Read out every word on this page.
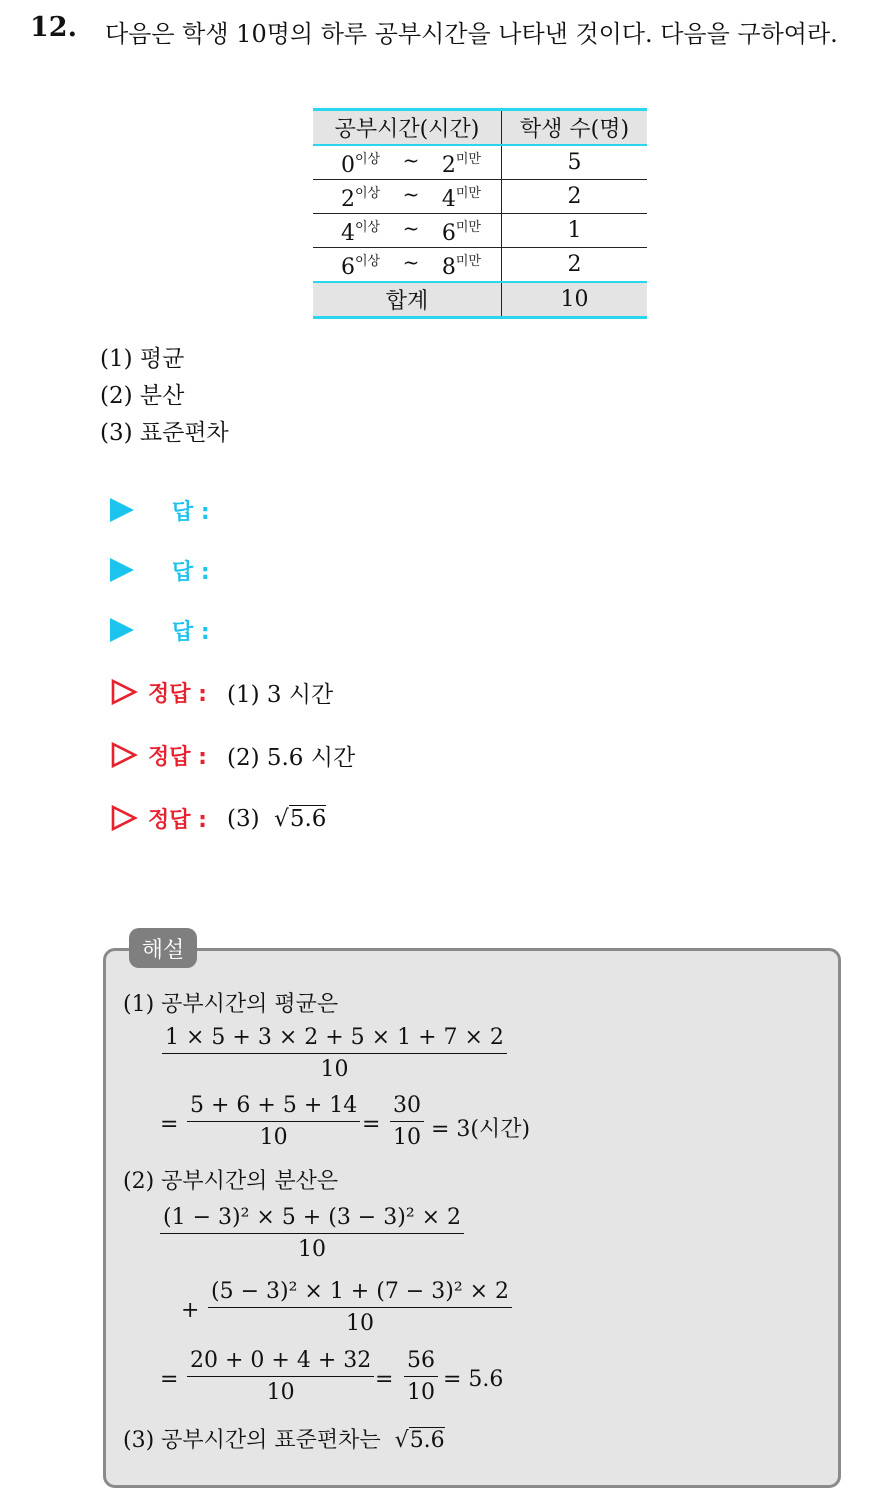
12. 다음은 학생 10명의 하루 공부시간을 나타낸 것이다. 다음을 구하여라.
공부시간(시간)	학생 수(명)

$0^{이상}$ ~ $2^{미만}$	5

$2^{이상}$ ~ $4^{미만}$	2

$4^{이상}$ ~ $6^{미만}$	1

$6^{이상}$ ~ $8^{미만}$	2
합계	10
(1) 평균
(2) 분산
(3) 표준편차
답 :
답 :
답 :
정답 : (1) 3 시간
정답 : (2) 5.6 시간
정답 : (3)  √5.6
해설
(1) 공부시간의 평균은
$\frac{1 \times 5 + 3 \times 2 + 5 \times 1 + 7 \times 2}{10}$
= $\frac{5 + 6 + 5 + 14}{10} = \frac{30}{10} = 3$(시간)
(2) 공부시간의 분산은
$\frac{\text{(1 − 3)² × 5 + (3 − 3)² × 2}}{10}$
+ $\frac{\text{(5 − 3)² × 1 + (7 − 3)² × 2}}{10}$
= $\frac{20 + 0 + 4 + 32}{10} = \frac{56}{10} = 5.6$
(3) 공부시간의 표준편차는  √5.6
